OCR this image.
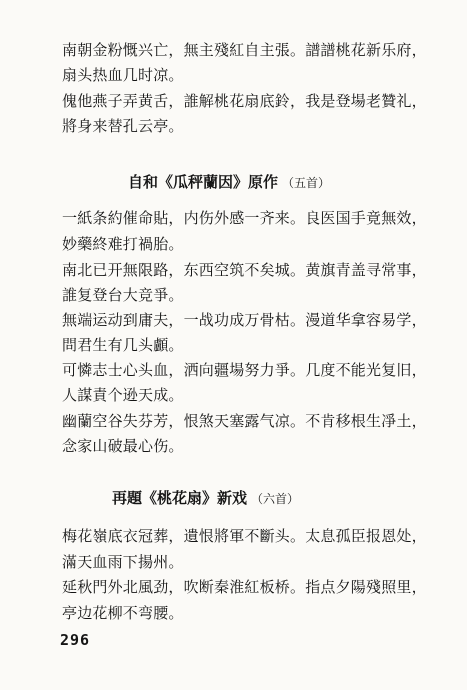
南朝金粉慨兴亡，無主殘紅自主張。譜譜桃花新乐府，
扇头热血几时凉。
傀他燕子弄黄舌，誰解桃花扇底鈴，我是登場老贊礼，
將身来替孔云亭。
自和《瓜秤蘭因》原作 （五首）
一紙条約催命貼，内伤外感一齐来。良医国手竟無效，
妙藥終难打禍胎。
南北已开無限路，东西空筑不矣城。黄旗青盖寻常事，
誰复登台大竞爭。
無端运动到庸夫，一战功成万骨枯。漫道华拿容易学，
問君生有几头顱。
可憐志士心头血，洒向疆場努力爭。几度不能光复旧，
人謀責个逊天成。
幽蘭空谷失芬芳，恨煞天塞露气凉。不肯移根生凈土，
念家山破最心伤。
再題《桃花扇》新戏 （六首）
梅花嶺底衣冠葬，遺恨將軍不斷头。太息孤臣报恩处，
滿天血雨下揚州。
延秋門外北風劲，吹断秦淮紅板桥。指点夕陽殘照里，
亭边花柳不弯腰。
296
